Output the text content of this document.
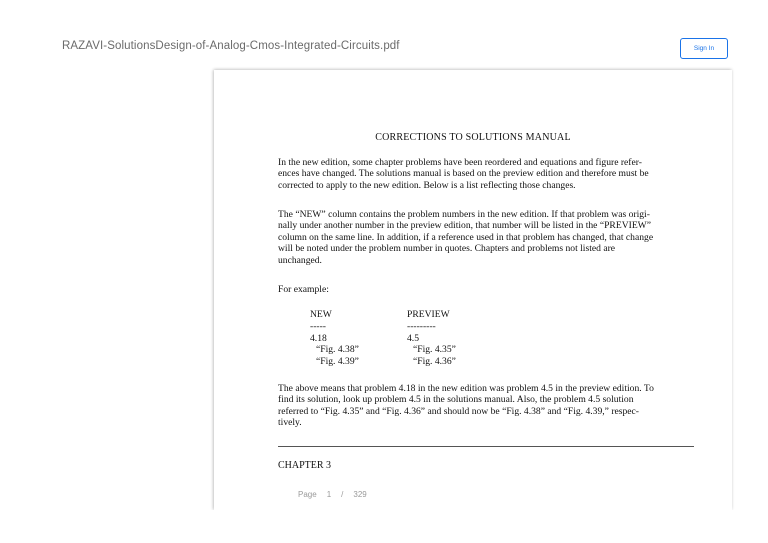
RAZAVI-SolutionsDesign-of-Analog-Cmos-Integrated-Circuits.pdf	Sign In
CORRECTIONS TO SOLUTIONS MANUAL
In the new edition, some chapter problems have been reordered and equations and figure refer-
ences have changed. The solutions manual is based on the preview edition and therefore must be
corrected to apply to the new edition. Below is a list reflecting those changes.
The “NEW” column contains the problem numbers in the new edition. If that problem was origi-
nally under another number in the preview edition, that number will be listed in the “PREVIEW”
column on the same line. In addition, if a reference used in that problem has changed, that change
will be noted under the problem number in quotes. Chapters and problems not listed are
unchanged.
For example:
NEW
-----
4.18
“Fig. 4.38”
“Fig. 4.39”
PREVIEW
---------
4.5
“Fig. 4.35”
“Fig. 4.36”
The above means that problem 4.18 in the new edition was problem 4.5 in the preview edition. To
find its solution, look up problem 4.5 in the solutions manual. Also, the problem 4.5 solution
referred to “Fig. 4.35” and “Fig. 4.36” and should now be “Fig. 4.38” and “Fig. 4.39,” respec-
tively.
CHAPTER 3
Page 1 / 329
